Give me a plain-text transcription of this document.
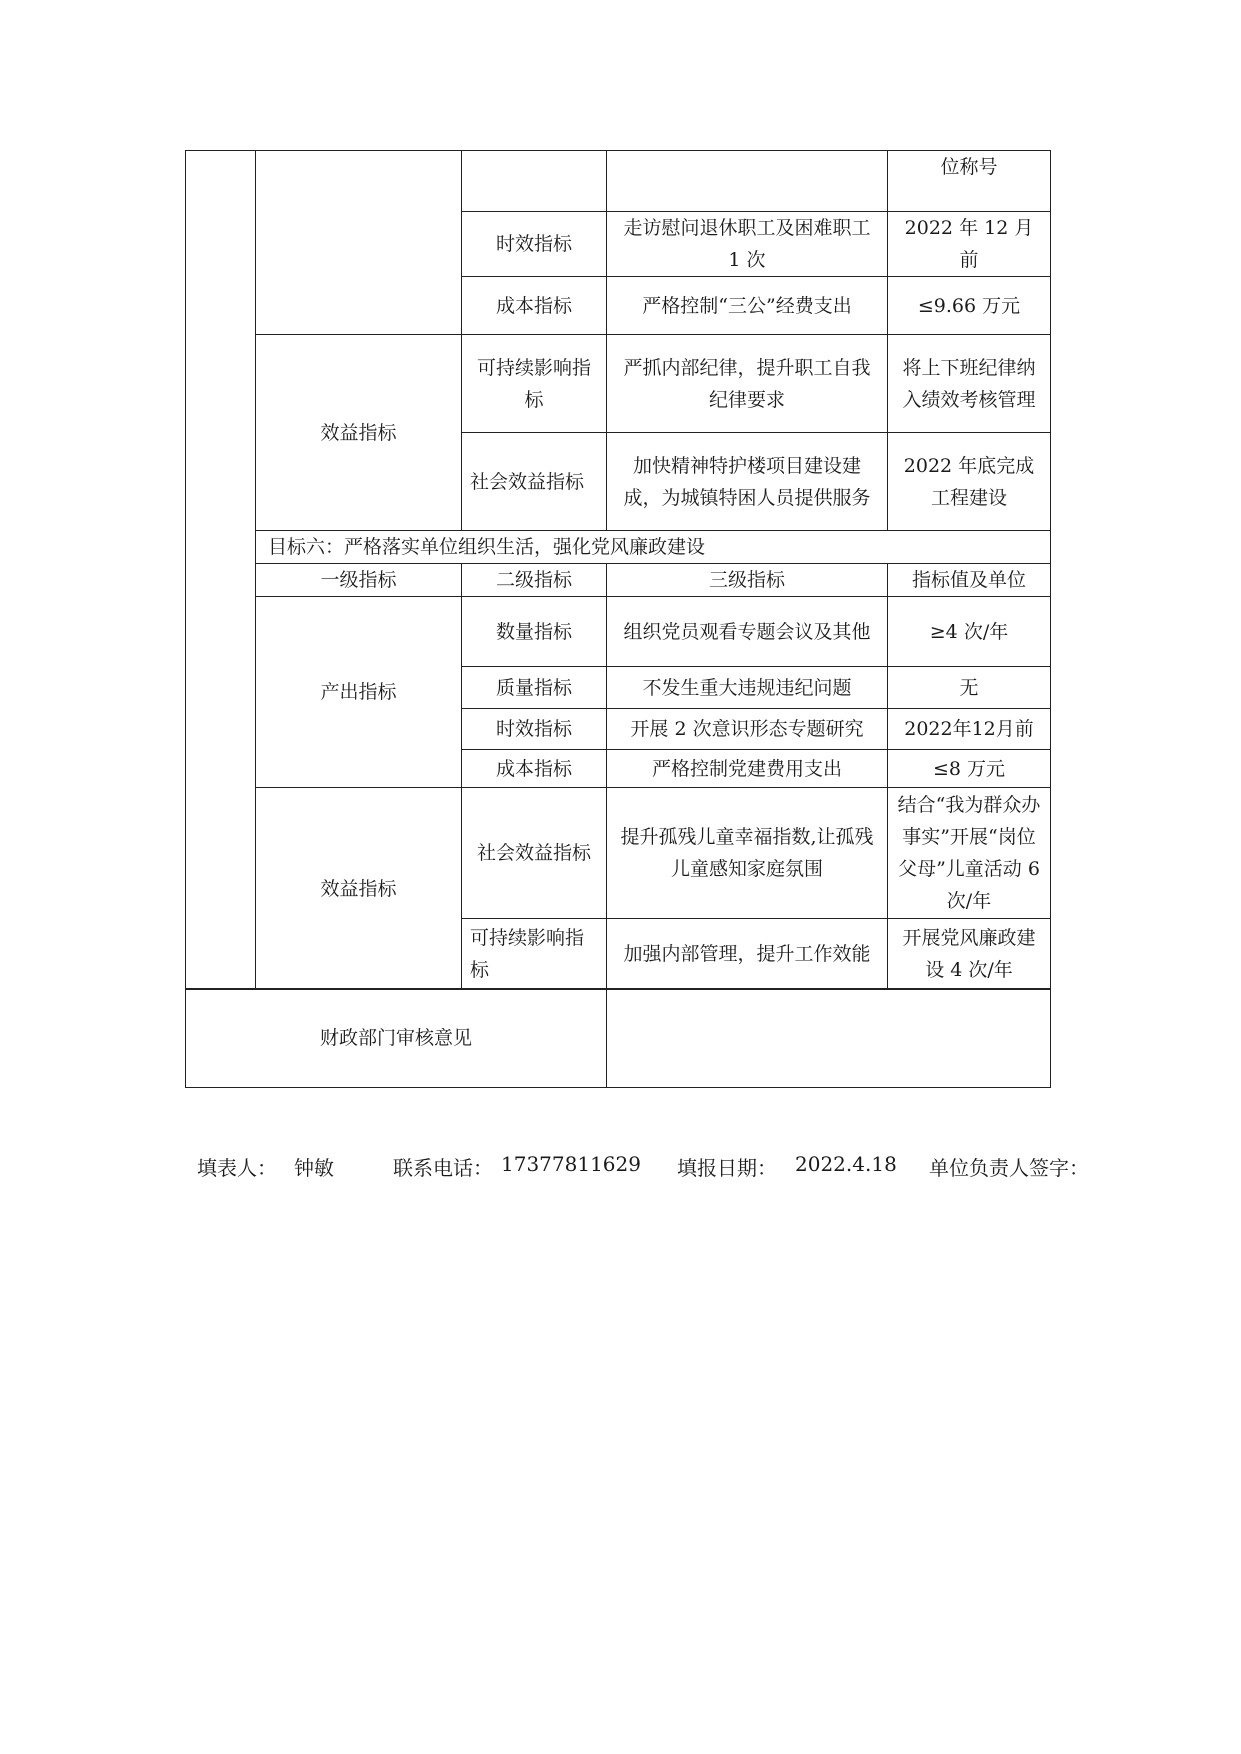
				位称号
		时效指标	走访慰问退休职工及困难职工 1 次	2022 年 12 月前
		成本指标	严格控制“三公”经费支出	≤9.66 万元
	效益指标	可持续影响指标	严抓内部纪律，提升职工自我纪律要求	将上下班纪律纳入绩效考核管理
		社会效益指标	加快精神特护楼项目建设建成，为城镇特困人员提供服务	2022 年底完成工程建设
	目标六：严格落实单位组织生活，强化党风廉政建设			
	一级指标	二级指标	三级指标	指标值及单位
	产出指标	数量指标	组织党员观看专题会议及其他	≥4 次/年
		质量指标	不发生重大违规违纪问题	无
		时效指标	开展 2 次意识形态专题研究	2022年12月前
		成本指标	严格控制党建费用支出	≤8 万元
	效益指标	社会效益指标	提升孤残儿童幸福指数,让孤残儿童感知家庭氛围	结合“我为群众办事实”开展“岗位父母”儿童活动 6 次/年
		可持续影响指标	加强内部管理，提升工作效能	开展党风廉政建设 4 次/年
财政部门审核意见	
填表人： 钟敏	联系电话： 17377811629 填报日期： 2022.4.18 单位负责人签字：
